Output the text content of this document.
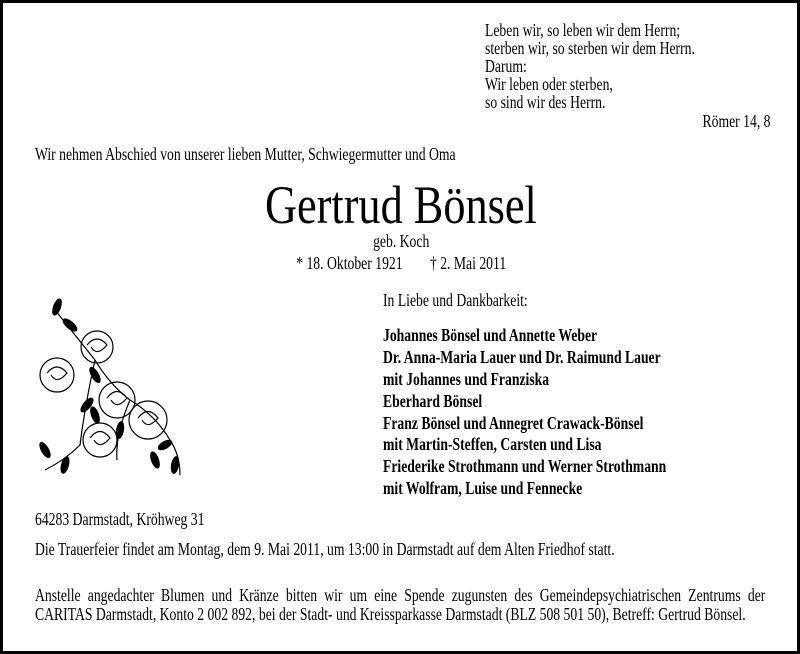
Leben wir, so leben wir dem Herrn;
sterben wir, so sterben wir dem Herrn.
Darum:
Wir leben oder sterben,
so sind wir des Herrn.
Römer 14, 8
Wir nehmen Abschied von unserer lieben Mutter, Schwiegermutter und Oma
Gertrud Bönsel
geb. Koch
* 18. Oktober 1921 † 2. Mai 2011
In Liebe und Dankbarkeit:
Johannes Bönsel und Annette Weber
Dr. Anna-Maria Lauer und Dr. Raimund Lauer
mit Johannes und Franziska
Eberhard Bönsel
Franz Bönsel und Annegret Crawack-Bönsel
mit Martin-Steffen, Carsten und Lisa
Friederike Strothmann und Werner Strothmann
mit Wolfram, Luise und Fennecke
64283 Darmstadt, Kröhweg 31
Die Trauerfeier findet am Montag, dem 9. Mai 2011, um 13:00 in Darmstadt auf dem Alten Friedhof statt.
Anstelle angedachter Blumen und Kränze bitten wir um eine Spende zugunsten des Gemeindepsychiatrischen Zentrums der CARITAS Darmstadt, Konto 2 002 892, bei der Stadt- und Kreissparkasse Darmstadt (BLZ 508 501 50), Betreff: Gertrud Bönsel.
